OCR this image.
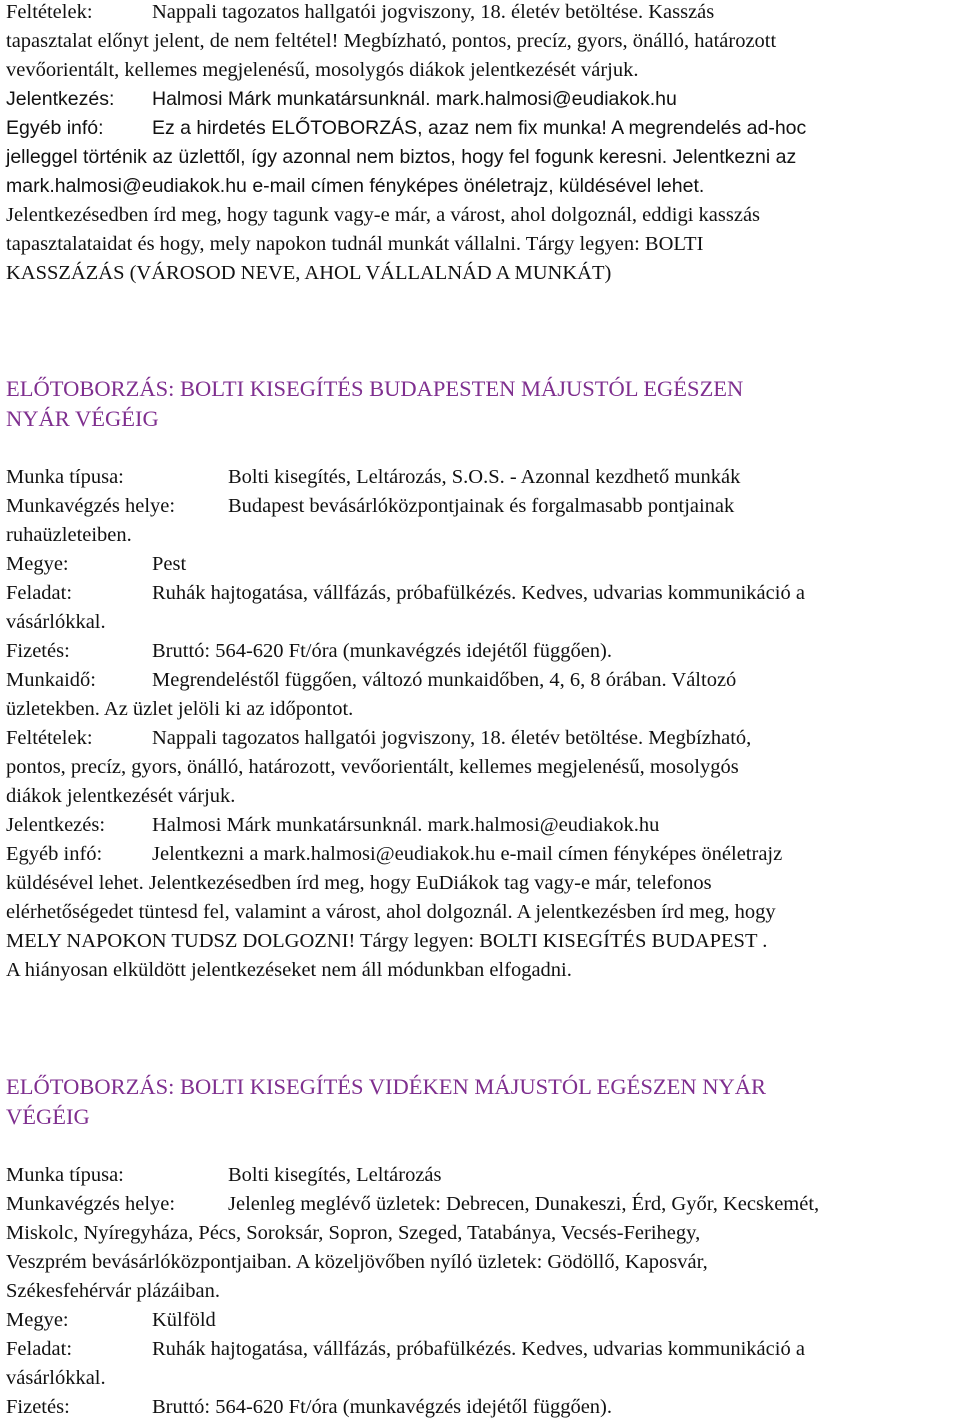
Feltételek:	Nappali tagozatos hallgatói jogviszony, 18. életév betöltése. Kasszás
tapasztalat előnyt jelent, de nem feltétel! Megbízható, pontos, precíz, gyors, önálló, határozott
vevőorientált, kellemes megjelenésű, mosolygós diákok jelentkezését várjuk.
Jelentkezés: Halmosi Márk munkatársunknál. mark.halmosi@eudiakok.hu
Egyéb infó: Ez a hirdetés ELŐTOBORZÁS, azaz nem fix munka! A megrendelés ad-hoc
jelleggel történik az üzlettől, így azonnal nem biztos, hogy fel fogunk keresni. Jelentkezni az
mark.halmosi@eudiakok.hu e-mail címen fényképes önéletrajz, küldésével lehet.
Jelentkezésedben írd meg, hogy tagunk vagy-e már, a várost, ahol dolgoznál, eddigi kasszás
tapasztalataidat és hogy, mely napokon tudnál munkát vállalni. Tárgy legyen: BOLTI
KASSZÁZÁS (VÁROSOD NEVE, AHOL VÁLLALNÁD A MUNKÁT)
ELŐTOBORZÁS: BOLTI KISEGÍTÉS BUDAPESTEN MÁJUSTÓL EGÉSZEN
NYÁR VÉGÉIG
Munka típusa:	Bolti kisegítés, Leltározás, S.O.S. - Azonnal kezdhető munkák
Munkavégzés helye:	Budapest bevásárlóközpontjainak és forgalmasabb pontjainak
ruhaüzleteiben.
Megye:	Pest
Feladat:	Ruhák hajtogatása, vállfázás, próbafülkézés. Kedves, udvarias kommunikáció a
vásárlókkal.
Fizetés:	Bruttó: 564-620 Ft/óra (munkavégzés idejétől függően).
Munkaidő:	Megrendeléstől függően, változó munkaidőben, 4, 6, 8 órában. Változó
üzletekben. Az üzlet jelöli ki az időpontot.
Feltételek:	Nappali tagozatos hallgatói jogviszony, 18. életév betöltése. Megbízható,
pontos, precíz, gyors, önálló, határozott, vevőorientált, kellemes megjelenésű, mosolygós
diákok jelentkezését várjuk.
Jelentkezés: Halmosi Márk munkatársunknál. mark.halmosi@eudiakok.hu
Egyéb infó: Jelentkezni a mark.halmosi@eudiakok.hu e-mail címen fényképes önéletrajz
küldésével lehet. Jelentkezésedben írd meg, hogy EuDiákok tag vagy-e már, telefonos
elérhetőségedet tüntesd fel, valamint a várost, ahol dolgoznál. A jelentkezésben írd meg, hogy
MELY NAPOKON TUDSZ DOLGOZNI! Tárgy legyen: BOLTI KISEGÍTÉS BUDAPEST .
A hiányosan elküldött jelentkezéseket nem áll módunkban elfogadni.
ELŐTOBORZÁS: BOLTI KISEGÍTÉS VIDÉKEN MÁJUSTÓL EGÉSZEN NYÁR
VÉGÉIG
Munka típusa:	Bolti kisegítés, Leltározás
Munkavégzés helye:	Jelenleg meglévő üzletek: Debrecen, Dunakeszi, Érd, Győr, Kecskemét,
Miskolc, Nyíregyháza, Pécs, Soroksár, Sopron, Szeged, Tatabánya, Vecsés-Ferihegy,
Veszprém bevásárlóközpontjaiban. A közeljövőben nyíló üzletek: Gödöllő, Kaposvár,
Székesfehérvár plázáiban.
Megye:	Külföld
Feladat:	Ruhák hajtogatása, vállfázás, próbafülkézés. Kedves, udvarias kommunikáció a
vásárlókkal.
Fizetés:	Bruttó: 564-620 Ft/óra (munkavégzés idejétől függően).
